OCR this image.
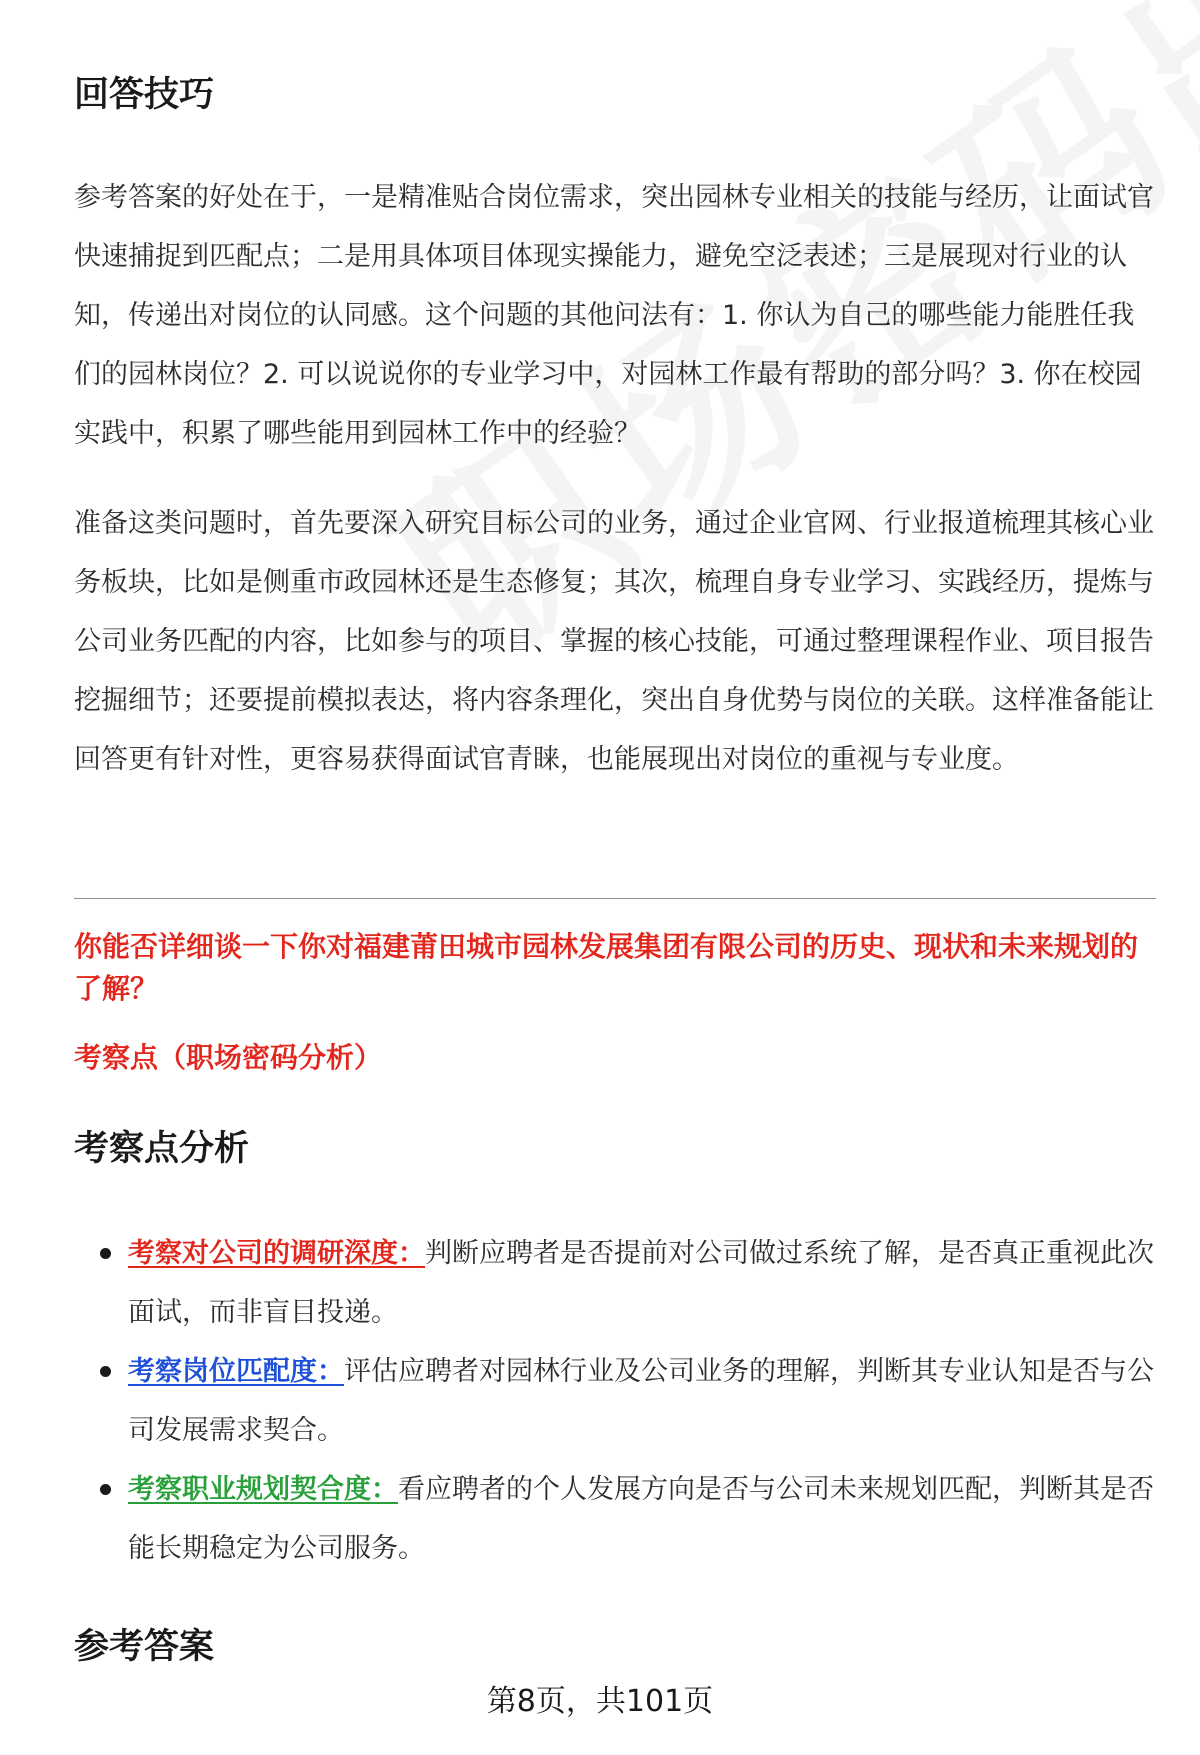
回答技巧

参考答案的好处在于，一是精准贴合岗位需求，突出园林专业相关的技能与经历，让面试官快速捕捉到匹配点；二是用具体项目体现实操能力，避免空泛表述；三是展现对行业的认知，传递出对岗位的认同感。这个问题的其他问法有：1. 你认为自己的哪些能力能胜任我们的园林岗位？2. 可以说说你的专业学习中，对园林工作最有帮助的部分吗？3. 你在校园实践中，积累了哪些能用到园林工作中的经验？

准备这类问题时，首先要深入研究目标公司的业务，通过企业官网、行业报道梳理其核心业务板块，比如是侧重市政园林还是生态修复；其次，梳理自身专业学习、实践经历，提炼与公司业务匹配的内容，比如参与的项目、掌握的核心技能，可通过整理课程作业、项目报告挖掘细节；还要提前模拟表达，将内容条理化，突出自身优势与岗位的关联。这样准备能让回答更有针对性，更容易获得面试官青睐，也能展现出对岗位的重视与专业度。

你能否详细谈一下你对福建莆田城市园林发展集团有限公司的历史、现状和未来规划的了解？

考察点（职场密码分析）

考察点分析
考察对公司的调研深度：判断应聘者是否提前对公司做过系统了解，是否真正重视此次面试，而非盲目投递。
考察岗位匹配度：评估应聘者对园林行业及公司业务的理解，判断其专业认知是否与公司发展需求契合。
考察职业规划契合度：看应聘者的个人发展方向是否与公司未来规划匹配，判断其是否能长期稳定为公司服务。
参考答案
第8页，共101页
